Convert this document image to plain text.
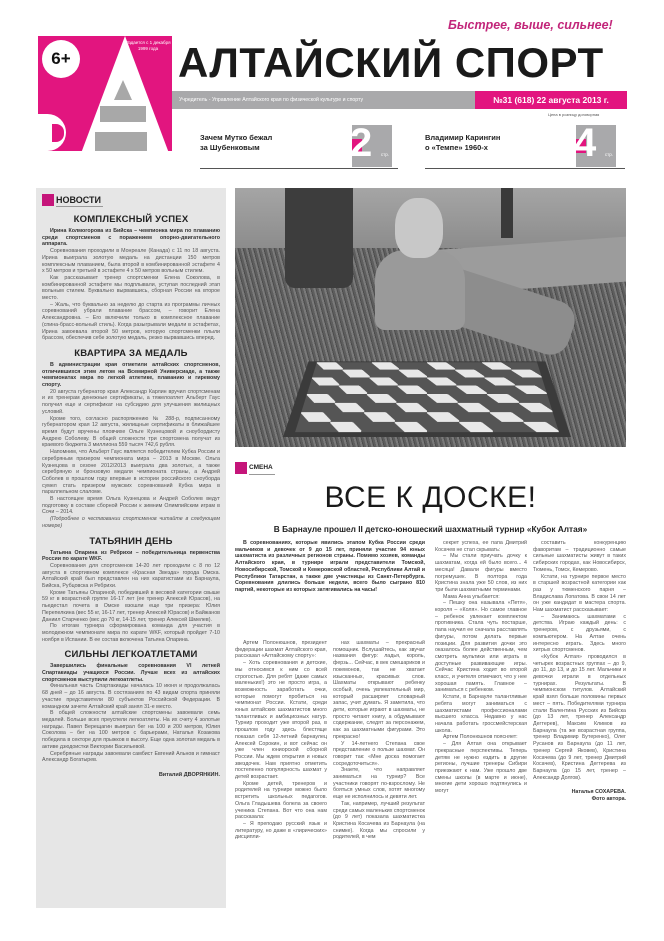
6+
Издается с 1 декабря 1999 года
Быстрее, выше, сильнее!
АЛТАЙСКИЙ СПОРТ
Учредитель - Управление Алтайского края по физической культуре и спорту	№31 (618) 22 августа 2013 г.
Цена в розницу договорная
Зачем Мутко бежал
за Шубенковым	2 стр.
Владимир Карингин
о «Темпе» 1960-х	4 стр.
НОВОСТИ
КОМПЛЕКСНЫЙ УСПЕХ

Ирина Колмогорова из Бийска – чемпионка мира по плаванию среди спортсменов с поражением опорно-двигательного аппарата.

Соревнования проходили в Монреале (Канада) с 11 по 18 августа. Ирина выиграла золотую медаль на дистанции 150 метров комплексным плаванием, была второй в комбинированной эстафете 4 х 50 метров и третьей в эстафете 4 х 50 метров вольным стилем.

Как рассказывает тренер спортсменки Елена Соколова, в комбинированной эстафете мы подплывали, уступая последний этап вольным стилем. Буквально вырвавшись, сборная России на второе место.

– Жаль, что буквально за неделю до старта из программы личных соревнований убрали плавание брассом, – говорит Елена Александровна. – Его включили только в комплексное плавание (спина-брасс-вольный стиль). Когда разыгрывали медали в эстафетах, Ирина завоевала второй 50 метров, которую спортсменки плыли брассом, обеспечив себе золотую медаль, резко вырвавшись вперед.

КВАРТИРА ЗА МЕДАЛЬ

В администрации края отметили алтайских спортсменов, отличившихся этим летом на Всемирной Универсиаде, а также чемпионатах мира по легкой атлетике, плаванию и гиревому спорту.

20 августа губернатор края Александр Карлин вручил спортсменам и их тренерам денежные сертификаты, а тяжелоатлет Альберт Гаус получил еще и сертификат на субсидию для улучшения жилищных условий.

Кроме того, согласно распоряжению № 288-р, подписанному губернатором края 12 августа, жилищные сертификаты в ближайшее время будут вручены пловчихе Ольге Кузнецовой и сноубордисту Андрею Соболеву. В общей сложности три спортсмена получат из краевого бюджета 3 миллиона 559 тысяч 742,6 рубля.

Напомним, что Альберт Гаус является победителем Кубка России и серебряным призером чемпионата мира – 2013 в Москве. Ольга Кузнецова в сезоне 2012/2013 выиграла два золотых, а также серебряную и бронзовую медали чемпионата страны, а Андрей Соболев в прошлом году впервые в истории российского сноуборда сумел стать призером мужских соревнований Кубка мира в параллельном слаломе.

В настоящее время Ольга Кузнецова и Андрей Соболев ведут подготовку в составе сборной России к зимним Олимпийским играм в Сочи – 2014.

(Подробнее о чествовании спортсменов читайте в следующем номере)

ТАТЬЯНИН ДЕНЬ

Татьяна Опарина из Ребрихи – победительница первенства России по карате WKF.

Соревнования для спортсменов 14-20 лет проходили с 8 по 12 августа в спортивном комплексе «Красная Звезда» города Омска. Алтайский край был представлен на них каратистами из Барнаула, Бийска, Рубцовска и Ребрихи.

Кроме Татьяны Опариной, победившей в весовой категории свыше 59 кг в возрастной группе 16-17 лет (ее тренер Алексей Юрасов), на пьедестал почета в Омске взошли еще три призера: Юлия Перепелкина (вес 55 кг, 16-17 лет, тренер Алексей Юрасов) и Байжанов Даниил Старченко (вес до 70 кг, 14-15 лет, тренер Алексей Шмелев).

По итогам турнира сформирована команда для участия в молодежном чемпионате мира по карате WKF, который пройдет 7-10 ноября в Испании. В ее состав включена Татьяна Опарина.

СИЛЬНЫ ЛЕГКОАТЛЕТАМИ

Завершились финальные соревнования VI летней Спартакиады учащихся России. Лучше всех из алтайских спортсменов выступили легкоатлеты.

Финальная часть Спартакиады началась 10 июня и продолжалась 68 дней – до 16 августа. В состязаниях по 43 видам спорта приняли участие представители 80 субъектов Российской Федерации. В командном зачете Алтайский край занял 31-е место.

В общей сложности алтайские спортсмены завоевали семь медалей. Больше всех преуспели легкоатлеты. На их счету 4 золотые награды. Павел Верещагин выиграл бег на 100 и 200 метров, Юлия Соколова – бег на 100 метров с барьерами, Наталья Козакова победила в секторе для прыжков в высоту. Еще одна золотая медаль в активе дзюдоистки Виктории Васильевой.

Серебряные награды завоевали самбист Евгений Альнов и гимнаст Александр Богатырев.

Виталий ДВОРЯНКИН.
СМЕНА
ВСЕ К ДОСКЕ!
В Барнауле прошел II детско-юношеский шахматный турнир «Кубок Алтая»

В соревнованиях, которые явились этапом Кубка России среди мальчиков и девочек от 9 до 15 лет, приняли участие 94 юных шахматиста из различных регионов страны. Помимо хозяев, команды Алтайского края, в турнире играли представители Томской, Новосибирской, Томской и Кемеровской областей, Республики Алтай и Республики Татарстан, а также две участницы из Санкт-Петербурга. Соревнования длились больше недели, всего было сыграно 810 партий, некоторые из которых затягивались на часы!

Артем Полонюшнов, президент федерации шахмат Алтайского края, рассказал «Алтайскому спорту»:

– Хоть соревнования и детские, мы относимся к ним со всей строгостью. Для ребят (даже самых маленьких!) это не просто игра, а возможность заработать очки, которые помогут пробиться на чемпионат России. Кстати, среди юных алтайских шахматистов много талантливых и амбициозных натур. Турнир проходит уже второй раз, в прошлом году здесь блестяще показал себя 12-летний барнаулец Алексей Сорокин, и вот сейчас он уже член юниорской сборной России. Мы ждем открытия и новых звездочек. Нам приятно отметить постепенно популярность шахмат у детей возрастает.

Кроме детей, тренеров и родителей на турнире можно было встретить школьных педагогов. Ольга Гладышева болела за своего ученика Степана. Вот что она нам рассказала:

– Я преподаю русский язык и литературу, но даже в «лирических» дисципли-

нах шахматы – прекрасный помощник. Вслушайтесь, как звучат названия фигур: ладья, король, ферзь... Сейчас, в век смешариков и покемонов, так не хватает изысканных, красивых слов. Шахматы открывают ребенку особый, очень увлекательный мир, который расширяет словарный запас, учит думать. Я заметила, что дети, которые играют в шахматы, не просто читают книгу, а обдумывают содержание, следят за персонажем, как за шахматными фигурами. Это прекрасно!

У 14-летнего Степана свое представление о пользе шахмат. Он говорит так: «Мне доска помогает сосредоточиться».

Знаете, что направляет заниматься на турнир? Все участники говорят по-взрослому. Не бояться умных слов, хотят многому еще не исполнилось и девяти лет.

Так, например, лучший результат среди самых маленьких спортсменок (до 9 лет) показала шахматистка Кристина Косачева из Барнаула (на снимке). Когда мы спросили у родителей, в чем

секрет успеха, ее папа Дмитрий Косачев не стал скрывать:

– Мы стали приучать дочку к шахматам, когда ей было всего... 4 месяца! Давали фигуры вместо погремушек. В полтора года Кристина знала уже 50 слов, из них три были шахматными терминами.

Мама Анна улыбается:

– Пешку она называла «Петя», короля – «Коля». Но самое главное – ребенок увлекает комплектом противника. Стала чуть постарше, папа научил ее сначала расставлять фигуры, потом делать первые позиции. Для развития дочки это оказалось более действенным, чем смотреть мультики или играть в доступные развивающие игры. Сейчас Кристина ходит во второй класс, и учителя отмечают, что у нее хорошая память. Главное – заниматься с ребенком.

Кстати, в Барнауле талантливые ребята могут заниматься с шахматистами профессионалами высшего класса. Недавно у нас начала работать гроссмейстерская школа.

Артем Полонюшнов поясняет:

– Для Алтая она открывает прекрасные перспективы. Теперь детям не нужно ездить в другие регионы, лучшие тренеры Сибири приезжают к нам. Уже прошло две смены школы (в марте и июне), многие дети хорошо подтянулись и могут

составить конкуренцию фаворитам – традиционно самые сильные шахматисты живут в таких сибирских городах, как Новосибирск, Тюмень, Томск, Кемерово.

Кстати, на турнире первое место в старшей возрастной категории как раз у тюменского парня – Владислава Лопатова. В свои 14 лет он уже кандидат в мастера спорта. Нам шахматист рассказывает:

– Занимаюсь шахматами с детства. Играю каждый день: с тренером, с друзьями, с компьютером. На Алтае очень интересно играть. Здесь много хитрых спортсменов.

«Кубок Алтая» проводился в четырех возрастных группах – до 9, до 11, до 13, и до 15 лет. Мальчики и девочки играли в отдельных турнирах. Результаты. В чемпионском титулов. Алтайский край взял больше половины первых мест – пять. Победителями турнира стали Валентина Русских из Бийска (до 13 лет, тренер Александр Дегтерев), Максим Климов из Барнаула (та же возрастная группа, тренер Владимир Бутеренко), Олег Русанов из Барнаула (до 11 лет, тренер Сергей Яковев), Кристина Косачева (до 9 лет, тренер Дмитрий Косачев), Кристина Дегтерева из Барнаула (до 15 лет, тренер – Александр Долгов).

Наталья СОХАРЕВА.

Фото автора.
